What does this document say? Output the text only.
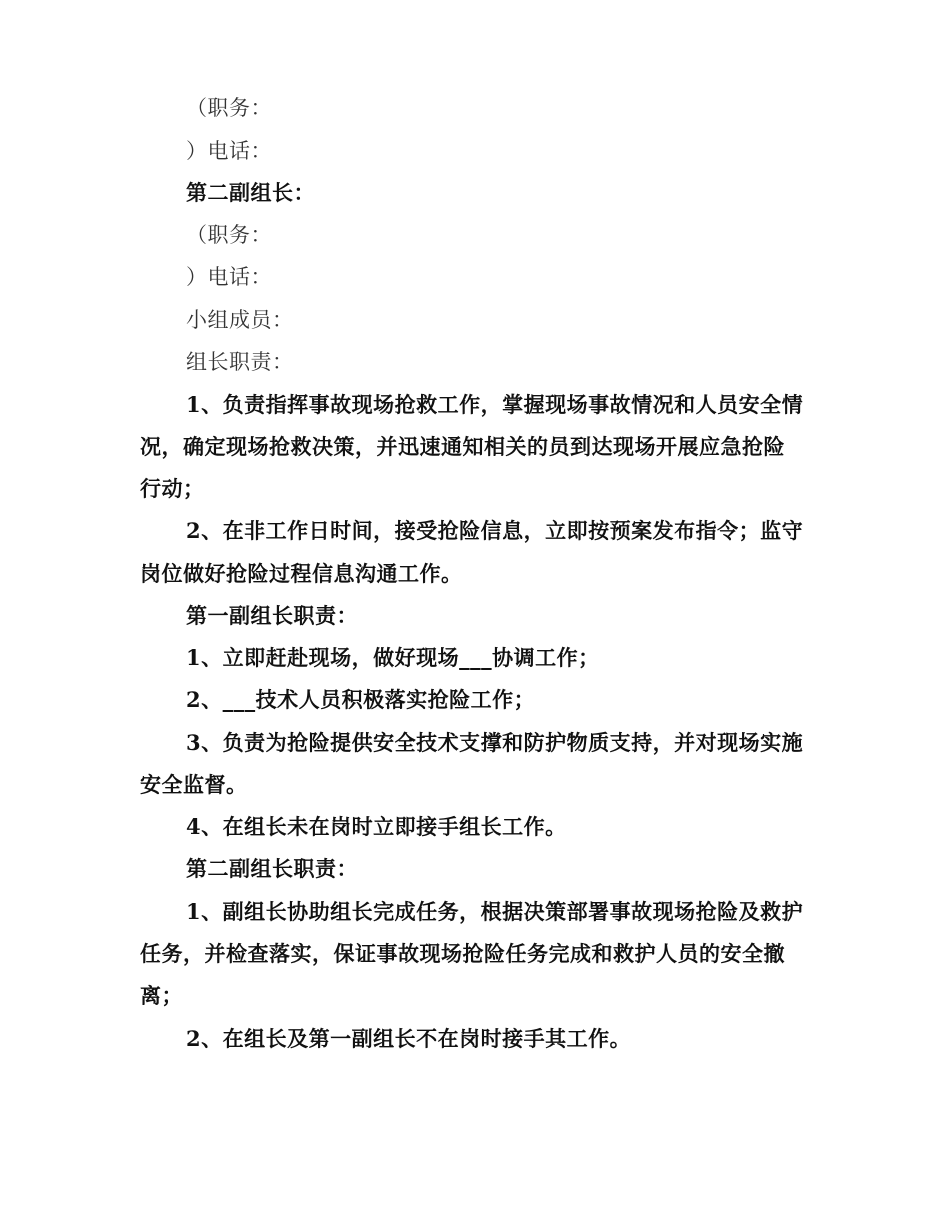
（职务：
）电话：
第二副组长：
（职务：
）电话：
小组成员：
组长职责：
1、负责指挥事故现场抢救工作，掌握现场事故情况和人员安全情
况，确定现场抢救决策，并迅速通知相关的员到达现场开展应急抢险
行动；
2、在非工作日时间，接受抢险信息，立即按预案发布指令；监守
岗位做好抢险过程信息沟通工作。
第一副组长职责：
1、立即赶赴现场，做好现场___协调工作；
2、___技术人员积极落实抢险工作；
3、负责为抢险提供安全技术支撑和防护物质支持，并对现场实施
安全监督。
4、在组长未在岗时立即接手组长工作。
第二副组长职责：
1、副组长协助组长完成任务，根据决策部署事故现场抢险及救护
任务，并检查落实，保证事故现场抢险任务完成和救护人员的安全撤
离；
2、在组长及第一副组长不在岗时接手其工作。
